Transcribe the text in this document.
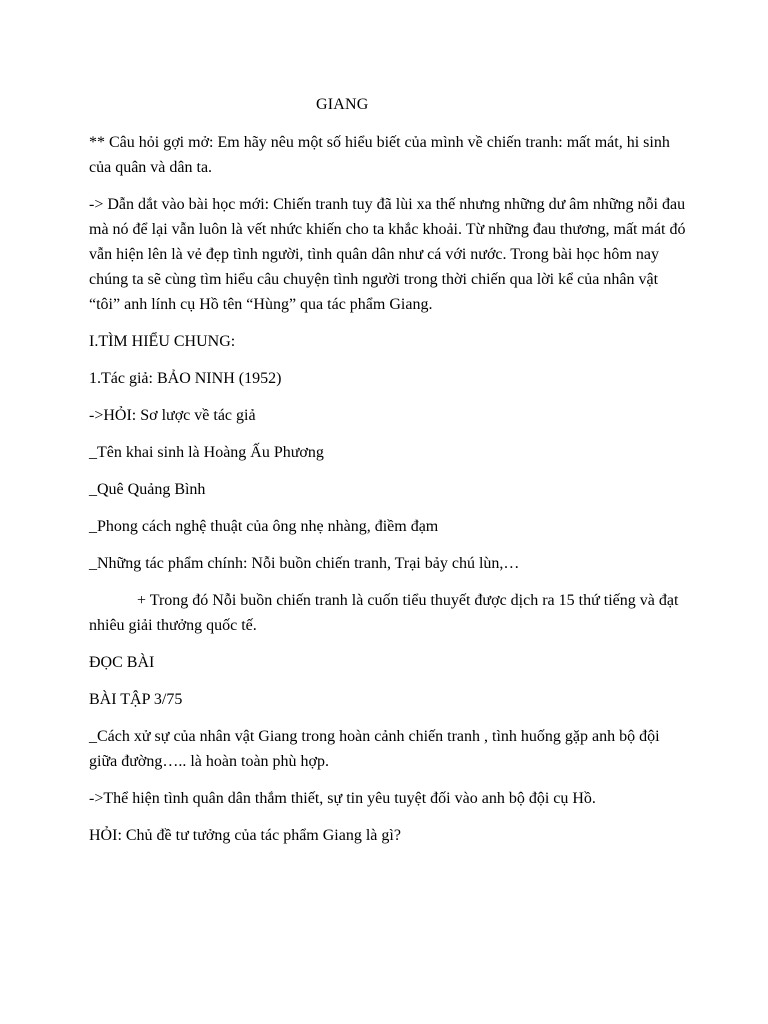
GIANG

** Câu hỏi gợi mở: Em hãy nêu một số hiểu biết của mình về chiến tranh: mất mát, hi sinh của quân và dân ta.

-> Dẫn dắt vào bài học mới: Chiến tranh tuy đã lùi xa thế nhưng những dư âm những nỗi đau mà nó để lại vẫn luôn là vết nhức khiến cho ta khắc khoải. Từ những đau thương, mất mát đó vẫn hiện lên là vẻ đẹp tình người, tình quân dân như cá với nước. Trong bài học hôm nay chúng ta sẽ cùng tìm hiểu câu chuyện tình người trong thời chiến qua lời kể của nhân vật “tôi” anh lính cụ Hồ tên “Hùng” qua tác phẩm Giang.

I.TÌM HIỂU CHUNG:

1.Tác giả: BẢO NINH (1952)

->HỎI: Sơ lược về tác giả

_Tên khai sinh là Hoàng Ấu Phương

_Quê Quảng Bình

_Phong cách nghệ thuật của ông nhẹ nhàng, điềm đạm

_Những tác phẩm chính: Nỗi buồn chiến tranh, Trại bảy chú lùn,…

+ Trong đó Nỗi buồn chiến tranh là cuốn tiểu thuyết được dịch ra 15 thứ tiếng và đạt nhiêu giải thưởng quốc tế.

ĐỌC BÀI

BÀI TẬP 3/75

_Cách xử sự của nhân vật Giang trong hoàn cảnh chiến tranh , tình huống gặp anh bộ đội giữa đường….. là hoàn toàn phù hợp.

->Thể hiện tình quân dân thắm thiết, sự tin yêu tuyệt đối vào anh bộ đội cụ Hồ.

HỎI: Chủ đề tư tưởng của tác phẩm Giang là gì?
